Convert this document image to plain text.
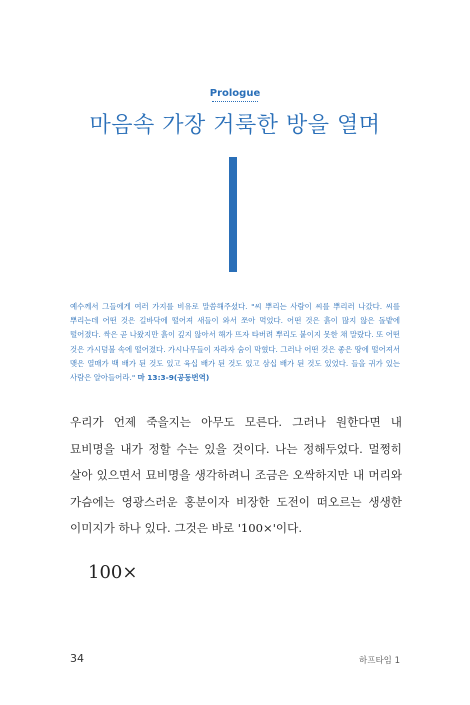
Prologue
마음속 가장 거룩한 방을 열며
예수께서 그들에게 여러 가지를 비유로 말씀해주셨다. "씨 뿌리는 사람이 씨를 뿌리러 나갔다. 씨를 뿌리는데 어떤 것은 길바닥에 떨어져 새들이 와서 쪼아 먹었다. 어떤 것은 흙이 많지 않은 돌밭에 떨어졌다. 싹은 곧 나왔지만 흙이 깊지 않아서 해가 뜨자 타버려 뿌리도 붙이지 못한 채 말랐다. 또 어떤 것은 가시덤불 속에 떨어졌다. 가시나무들이 자라자 숨이 막혔다. 그러나 어떤 것은 좋은 땅에 떨어져서 맺은 열매가 백 배가 된 것도 있고 육십 배가 된 것도 있고 삼십 배가 된 것도 있었다. 들을 귀가 있는 사람은 알아들어라." 마 13:3-9(공동번역)
우리가 언제 죽을지는 아무도 모른다. 그러나 원한다면 내 묘비명을 내가 정할 수는 있을 것이다. 나는 정해두었다. 멀쩡히 살아 있으면서 묘비명을 생각하려니 조금은 오싹하지만 내 머리와 가슴에는 영광스러운 홍분이자 비장한 도전이 떠오르는 생생한 이미지가 하나 있다. 그것은 바로 '100×'이다.
100×
34	하프타임 1
